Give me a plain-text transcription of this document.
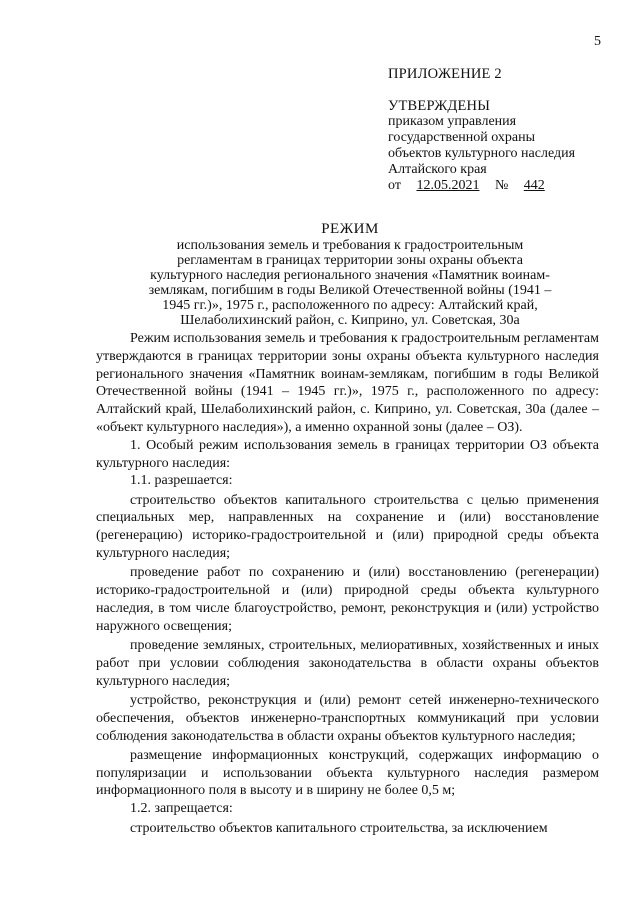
5
ПРИЛОЖЕНИЕ 2
УТВЕРЖДЕНЫ
приказом управления
государственной охраны
объектов культурного наследия
Алтайского края
от 12.05.2021 № 442
РЕЖИМ
использования земель и требования к градостроительным
регламентам в границах территории зоны охраны объекта
культурного наследия регионального значения «Памятник воинам-
землякам, погибшим в годы Великой Отечественной войны (1941 –
1945 гг.)», 1975 г., расположенного по адресу: Алтайский край,
Шелаболихинский район, с. Киприно, ул. Советская, 30а

Режим использования земель и требования к градостроительным регламентам утверждаются в границах территории зоны охраны объекта культурного наследия регионального значения «Памятник воинам-землякам, погибшим в годы Великой Отечественной войны (1941 – 1945 гг.)», 1975 г., расположенного по адресу: Алтайский край, Шелаболихинский район, с. Киприно, ул. Советская, 30а (далее – «объект культурного наследия»), а именно охранной зоны (далее – ОЗ).

1. Особый режим использования земель в границах территории ОЗ объекта культурного наследия:

1.1. разрешается:

строительство объектов капитального строительства с целью применения специальных мер, направленных на сохранение и (или) восстановление (регенерацию) историко-градостроительной и (или) природной среды объекта культурного наследия;

проведение работ по сохранению и (или) восстановлению (регенерации) историко-градостроительной и (или) природной среды объекта культурного наследия, в том числе благоустройство, ремонт, реконструкция и (или) устройство наружного освещения;

проведение земляных, строительных, мелиоративных, хозяйственных и иных работ при условии соблюдения законодательства в области охраны объектов культурного наследия;

устройство, реконструкция и (или) ремонт сетей инженерно-технического обеспечения, объектов инженерно-транспортных коммуникаций при условии соблюдения законодательства в области охраны объектов культурного наследия;

размещение информационных конструкций, содержащих информацию о популяризации и использовании объекта культурного наследия размером информационного поля в высоту и в ширину не более 0,5 м;

1.2. запрещается:

строительство объектов капитального строительства, за исключением
